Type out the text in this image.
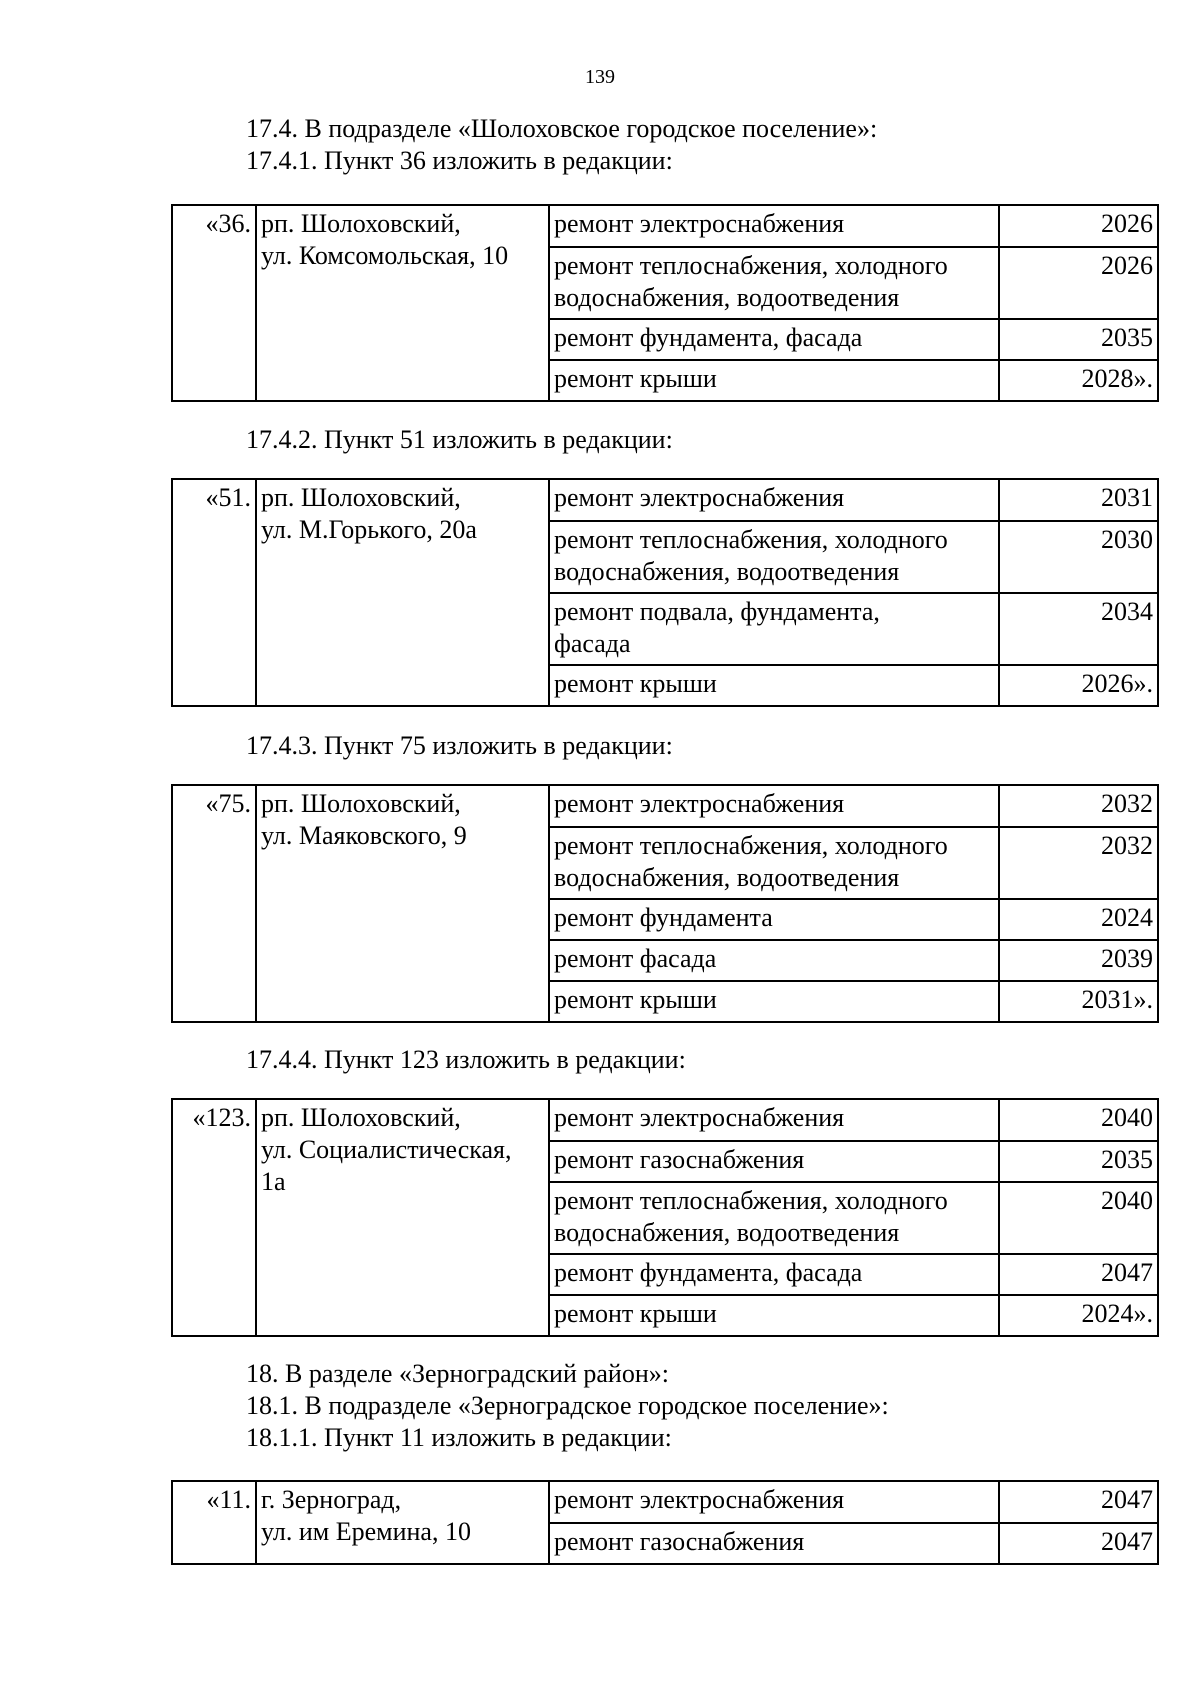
139
17.4. В подразделе «Шолоховское городское поселение»:
17.4.1. Пункт 36 изложить в редакции:
«36.	рп. Шолоховский,
ул. Комсомольская, 10	ремонт электроснабжения	2026

		ремонт теплоснабжения, холодного
водоснабжения, водоотведения	2026

		ремонт фундамента, фасада	2035

		ремонт крыши	2028».
17.4.2. Пункт 51 изложить в редакции:
«51.	рп. Шолоховский,
ул. М.Горького, 20а	ремонт электроснабжения	2031

		ремонт теплоснабжения, холодного
водоснабжения, водоотведения	2030

		ремонт подвала, фундамента,
фасада	2034

		ремонт крыши	2026».
17.4.3. Пункт 75 изложить в редакции:
«75.	рп. Шолоховский,
ул. Маяковского, 9	ремонт электроснабжения	2032

		ремонт теплоснабжения, холодного
водоснабжения, водоотведения	2032

		ремонт фундамента	2024

		ремонт фасада	2039

		ремонт крыши	2031».
17.4.4. Пункт 123 изложить в редакции:
«123.	рп. Шолоховский,
ул. Социалистическая,
1а	ремонт электроснабжения	2040

		ремонт газоснабжения	2035

		ремонт теплоснабжения, холодного
водоснабжения, водоотведения	2040

		ремонт фундамента, фасада	2047

		ремонт крыши	2024».
18. В разделе «Зерноградский район»:
18.1. В подразделе «Зерноградское городское поселение»:
18.1.1. Пункт 11 изложить в редакции:
«11.	г. Зерноград,
ул. им Еремина, 10	ремонт электроснабжения	2047

		ремонт газоснабжения	2047
